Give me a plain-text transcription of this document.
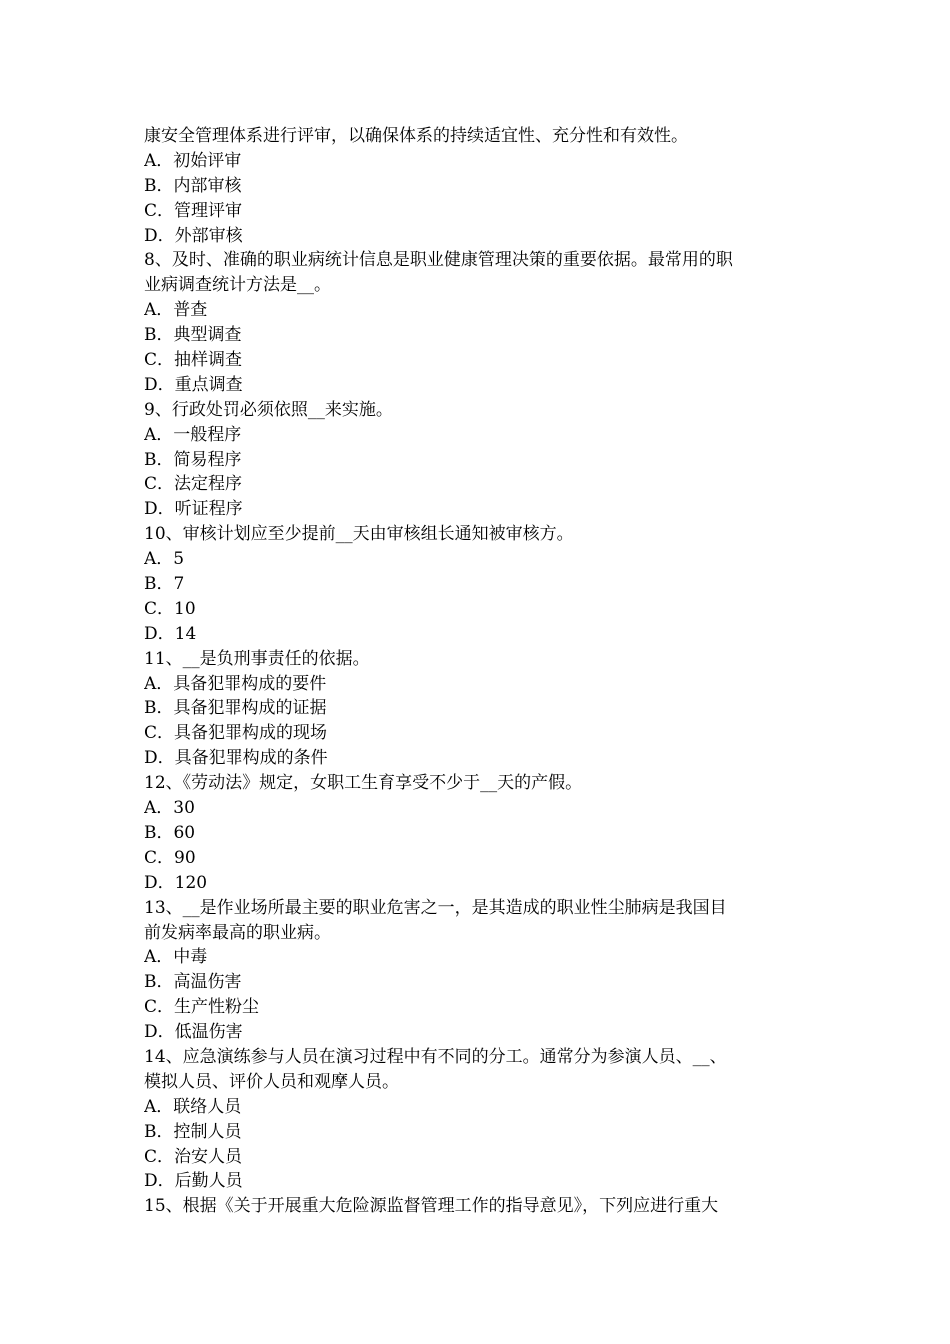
康安全管理体系进行评审，以确保体系的持续适宜性、充分性和有效性。
A．初始评审
B．内部审核
C．管理评审
D．外部审核
8、及时、准确的职业病统计信息是职业健康管理决策的重要依据。最常用的职
业病调查统计方法是__。
A．普查
B．典型调查
C．抽样调查
D．重点调查
9、行政处罚必须依照__来实施。
A．一般程序
B．简易程序
C．法定程序
D．听证程序
10、审核计划应至少提前__天由审核组长通知被审核方。
A．5
B．7
C．10
D．14
11、__是负刑事责任的依据。
A．具备犯罪构成的要件
B．具备犯罪构成的证据
C．具备犯罪构成的现场
D．具备犯罪构成的条件
12、《劳动法》规定，女职工生育享受不少于__天的产假。
A．30
B．60
C．90
D．120
13、__是作业场所最主要的职业危害之一，是其造成的职业性尘肺病是我国目
前发病率最高的职业病。
A．中毒
B．高温伤害
C．生产性粉尘
D．低温伤害
14、应急演练参与人员在演习过程中有不同的分工。通常分为参演人员、__、
模拟人员、评价人员和观摩人员。
A．联络人员
B．控制人员
C．治安人员
D．后勤人员
15、根据《关于开展重大危险源监督管理工作的指导意见》，下列应进行重大
